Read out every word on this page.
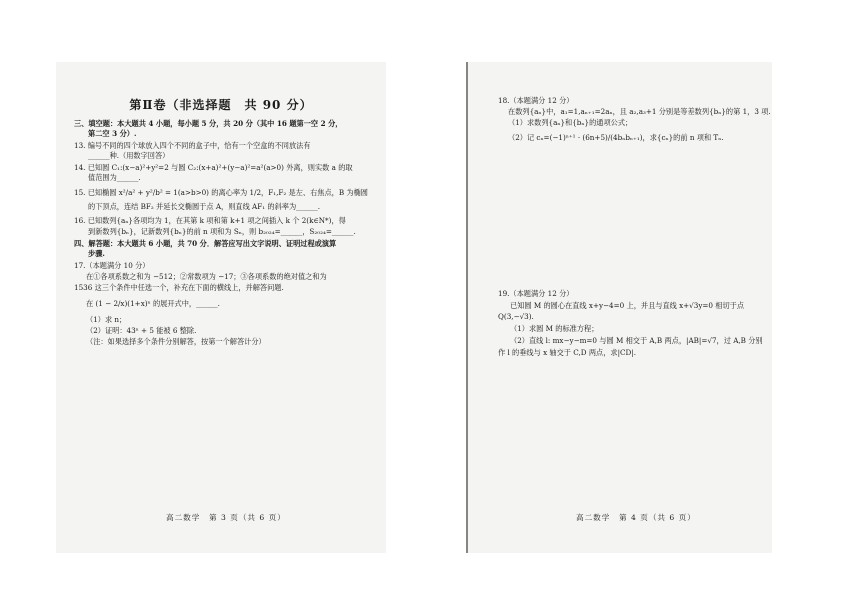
第Ⅱ卷（非选择题　共 90 分）
三、填空题：本大题共 4 小题，每小题 5 分，共 20 分（其中 16 题第一空 2 分，
第二空 3 分）.
13. 编号不同的四个球放入四个不同的盒子中，恰有一个空盒的不同放法有
______种.（用数字回答）
14. 已知圆 C₁:(x−a)²+y²=2 与圆 C₂:(x+a)²+(y−a)²=a²(a>0) 外离，则实数 a 的取
值范围为______.
15. 已知椭圆 x²/a² + y²/b² = 1(a>b>0) 的离心率为 1/2，F₁,F₂ 是左、右焦点，B 为椭圆
的下顶点，连结 BF₂ 并延长交椭圆于点 A，则直线 AF₁ 的斜率为______.
16. 已知数列{aₙ}各项均为 1，在其第 k 项和第 k+1 项之间插入 k 个 2(k∈N*)，得
到新数列{bₙ}，记新数列{bₙ}的前 n 项和为 Sₙ，则 b₂₀₂₄=______，S₂₀₂₄=______.
四、解答题：本大题共 6 小题，共 70 分．解答应写出文字说明、证明过程或演算
步骤.
17.（本题满分 10 分）
在①各项系数之和为 −512；②常数项为 −17；③各项系数的绝对值之和为
1536 这三个条件中任选一个，补充在下面的横线上，并解答问题.
在 (1 − 2/x)(1+x)ⁿ 的展开式中，______.
（1）求 n；
（2）证明：43ⁿ + 5 能被 6 整除.
（注：如果选择多个条件分别解答，按第一个解答计分）
高二数学　第 3 页（共 6 页）
18.（本题满分 12 分）
在数列{aₙ}中，a₁=1,aₙ₊₁=2aₙ，且 a₂,a₃+1 分别是等差数列{bₙ}的第 1，3 项.
（1）求数列{aₙ}和{bₙ}的通项公式；
（2）记 cₙ=(−1)ⁿ⁺¹ · (6n+5)/(4bₙbₙ₊₁)，求{cₙ}的前 n 项和 Tₙ.
19.（本题满分 12 分）
已知圆 M 的圆心在直线 x+y−4=0 上，并且与直线 x+√3y=0 相切于点
Q(3,−√3).
（1）求圆 M 的标准方程；
（2）直线 l: mx−y−m=0 与圆 M 相交于 A,B 两点，|AB|=√7，过 A,B 分别
作 l 的垂线与 x 轴交于 C,D 两点，求|CD|.
高二数学　第 4 页（共 6 页）
